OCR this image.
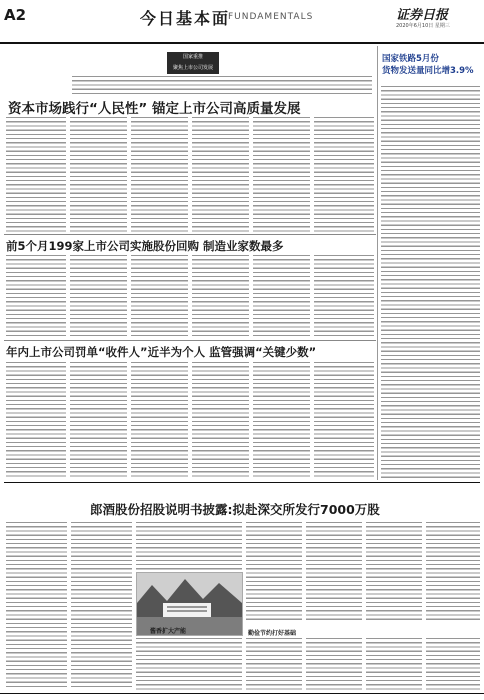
A2	今日基本面
FUNDAMENTALS	证券日报
2020年6月10日 星期三
国家重推
聚焦上市公司发展
资本市场践行“人民性” 锚定上市公司高质量发展
前5个月199家上市公司实施股份回购 制造业家数最多
年内上市公司罚单“收件人”近半为个人 监管强调“关键少数”
国家铁路5月份
货物发送量同比增3.9%
郎酒股份招股说明书披露:拟赴深交所发行7000万股
酱香扩大产能	勤俭节约打好基础
